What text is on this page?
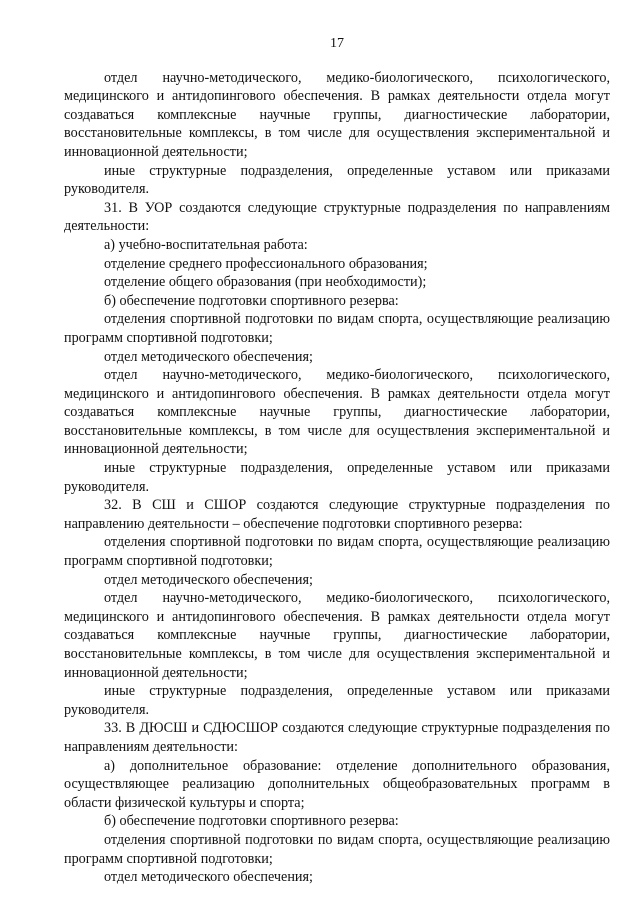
17

отдел научно-методического, медико-биологического, психологического, медицинского и антидопингового обеспечения. В рамках деятельности отдела могут создаваться комплексные научные группы, диагностические лаборатории, восстановительные комплексы, в том числе для осуществления экспериментальной и инновационной деятельности;

иные структурные подразделения, определенные уставом или приказами руководителя.

31. В УОР создаются следующие структурные подразделения по направлениям деятельности:

а) учебно-воспитательная работа:

отделение среднего профессионального образования;

отделение общего образования (при необходимости);

б) обеспечение подготовки спортивного резерва:

отделения спортивной подготовки по видам спорта, осуществляющие реализацию программ спортивной подготовки;

отдел методического обеспечения;

отдел научно-методического, медико-биологического, психологического, медицинского и антидопингового обеспечения. В рамках деятельности отдела могут создаваться комплексные научные группы, диагностические лаборатории, восстановительные комплексы, в том числе для осуществления экспериментальной и инновационной деятельности;

иные структурные подразделения, определенные уставом или приказами руководителя.

32. В СШ и СШОР создаются следующие структурные подразделения по направлению деятельности – обеспечение подготовки спортивного резерва:

отделения спортивной подготовки по видам спорта, осуществляющие реализацию программ спортивной подготовки;

отдел методического обеспечения;

отдел научно-методического, медико-биологического, психологического, медицинского и антидопингового обеспечения. В рамках деятельности отдела могут создаваться комплексные научные группы, диагностические лаборатории, восстановительные комплексы, в том числе для осуществления экспериментальной и инновационной деятельности;

иные структурные подразделения, определенные уставом или приказами руководителя.

33. В ДЮСШ и СДЮСШОР создаются следующие структурные подразделения по направлениям деятельности:

а) дополнительное образование: отделение дополнительного образования, осуществляющее реализацию дополнительных общеобразовательных программ в области физической культуры и спорта;

б) обеспечение подготовки спортивного резерва:

отделения спортивной подготовки по видам спорта, осуществляющие реализацию программ спортивной подготовки;

отдел методического обеспечения;
